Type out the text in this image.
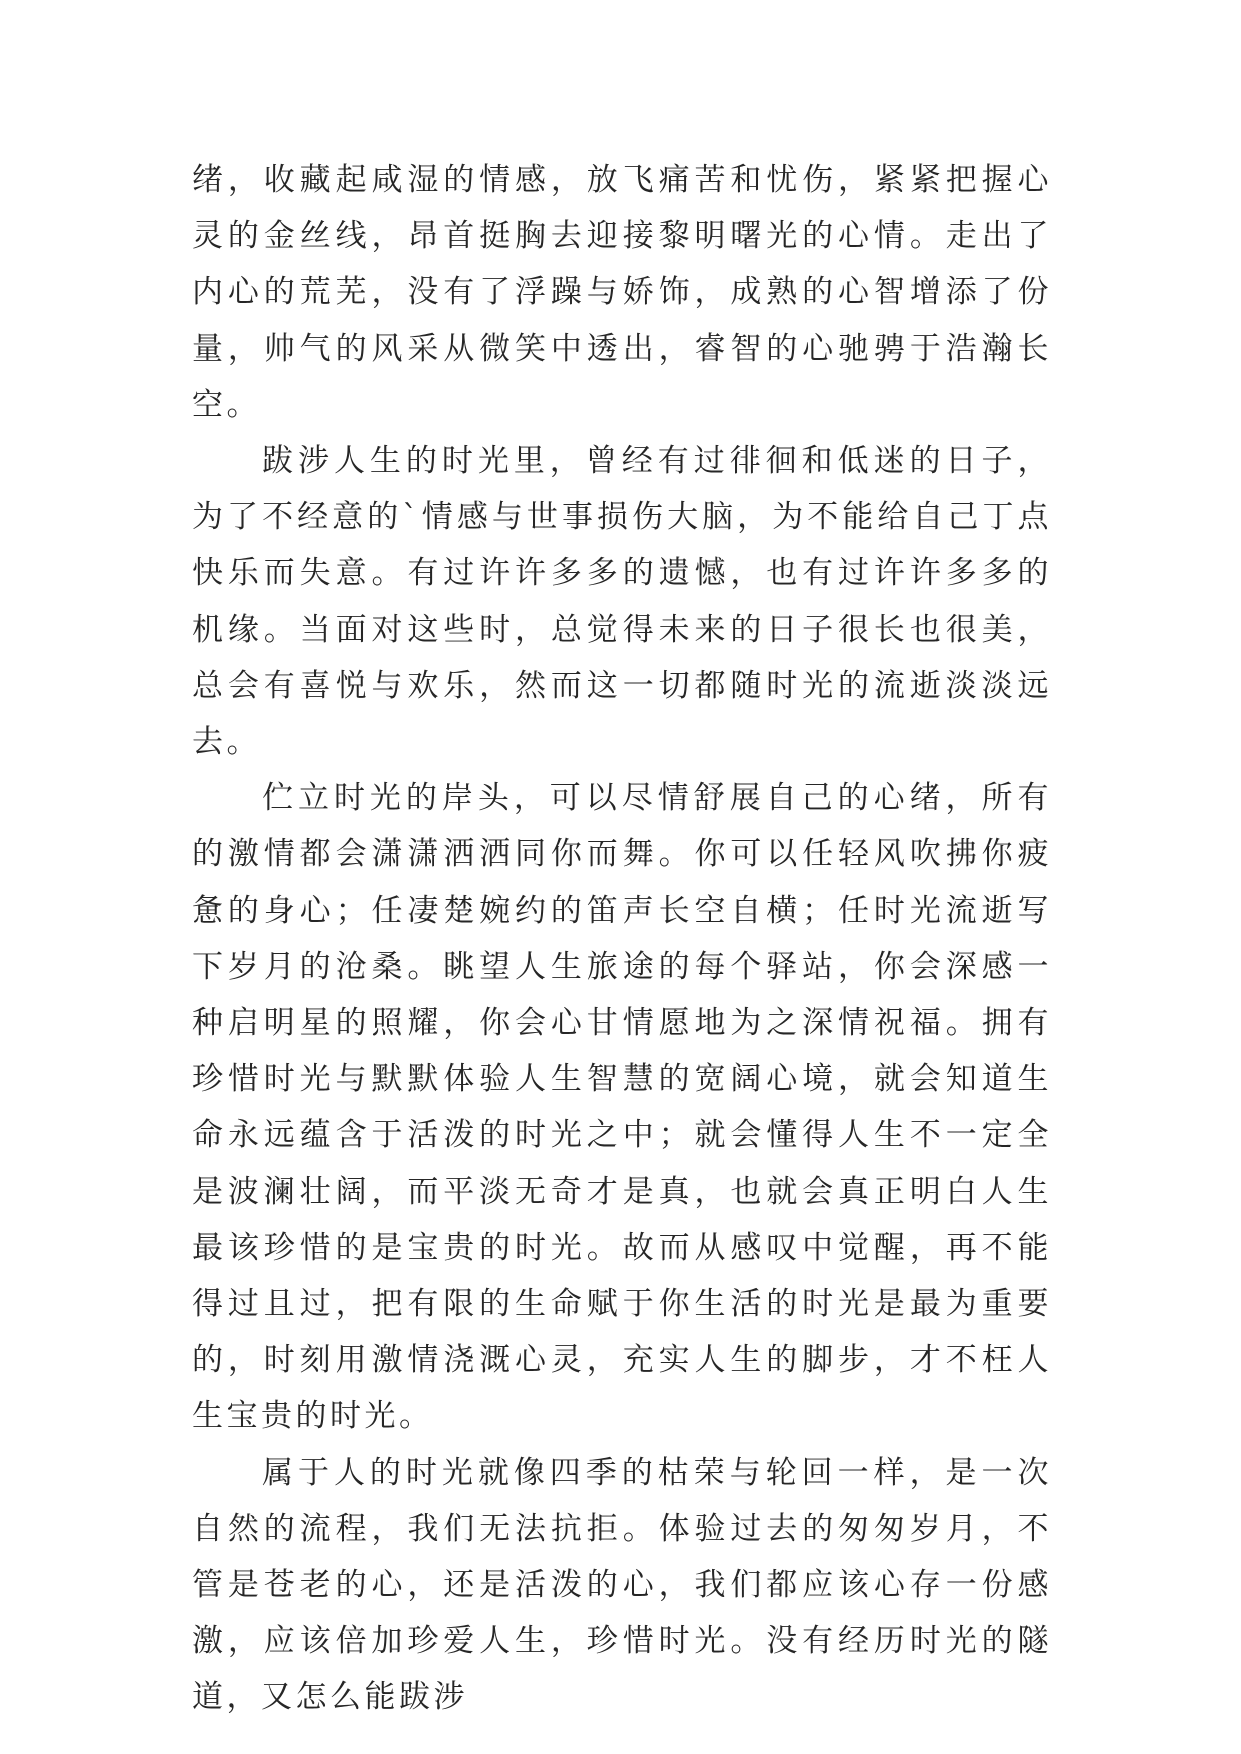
绪，收藏起咸湿的情感，放飞痛苦和忧伤，紧紧把握心灵的金丝线，昂首挺胸去迎接黎明曙光的心情。走出了内心的荒芜，没有了浮躁与娇饰，成熟的心智增添了份量，帅气的风采从微笑中透出，睿智的心驰骋于浩瀚长空。

跋涉人生的时光里，曾经有过徘徊和低迷的日子，为了不经意的`情感与世事损伤大脑，为不能给自己丁点快乐而失意。有过许许多多的遗憾，也有过许许多多的机缘。当面对这些时，总觉得未来的日子很长也很美，总会有喜悦与欢乐，然而这一切都随时光的流逝淡淡远去。

伫立时光的岸头，可以尽情舒展自己的心绪，所有的激情都会潇潇洒洒同你而舞。你可以任轻风吹拂你疲惫的身心；任凄楚婉约的笛声长空自横；任时光流逝写下岁月的沧桑。眺望人生旅途的每个驿站，你会深感一种启明星的照耀，你会心甘情愿地为之深情祝福。拥有珍惜时光与默默体验人生智慧的宽阔心境，就会知道生命永远蕴含于活泼的时光之中；就会懂得人生不一定全是波澜壮阔，而平淡无奇才是真，也就会真正明白人生最该珍惜的是宝贵的时光。故而从感叹中觉醒，再不能得过且过，把有限的生命赋于你生活的时光是最为重要的，时刻用激情浇溉心灵，充实人生的脚步，才不枉人生宝贵的时光。

属于人的时光就像四季的枯荣与轮回一样，是一次自然的流程，我们无法抗拒。体验过去的匆匆岁月，不管是苍老的心，还是活泼的心，我们都应该心存一份感激，应该倍加珍爱人生，珍惜时光。没有经历时光的隧道，又怎么能跋涉
